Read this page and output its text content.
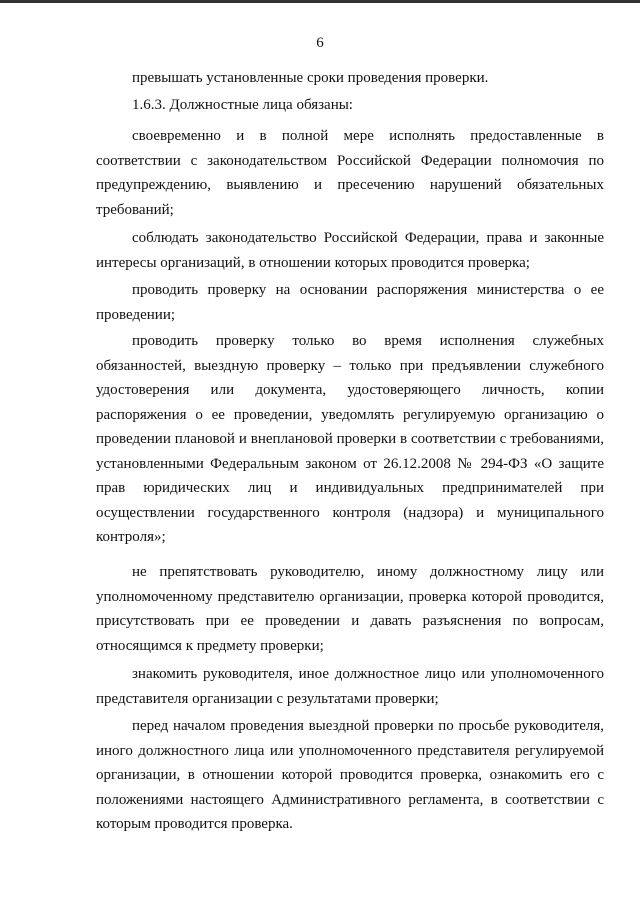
6
превышать установленные сроки проведения проверки.
1.6.3. Должностные лица обязаны:
своевременно и в полной мере исполнять предоставленные в
соответствии с законодательством Российской Федерации полномочия по
предупреждению, выявлению и пресечению нарушений обязательных
требований;
соблюдать законодательство Российской Федерации, права и законные
интересы организаций, в отношении которых проводится проверка;
проводить проверку на основании распоряжения министерства о ее
проведении;
проводить проверку только во время исполнения служебных
обязанностей, выездную проверку – только при предъявлении служебного
удостоверения или документа, удостоверяющего личность, копии
распоряжения о ее проведении, уведомлять регулируемую организацию о
проведении плановой и внеплановой проверки в соответствии с требованиями,
установленными Федеральным законом от 26.12.2008 № 294-ФЗ «О защите
прав юридических лиц и индивидуальных предпринимателей при
осуществлении государственного контроля (надзора) и муниципального
контроля»;
не препятствовать руководителю, иному должностному лицу или
уполномоченному представителю организации, проверка которой проводится,
присутствовать при ее проведении и давать разъяснения по вопросам,
относящимся к предмету проверки;
знакомить руководителя, иное должностное лицо или уполномоченного
представителя организации с результатами проверки;
перед началом проведения выездной проверки по просьбе руководителя,
иного должностного лица или уполномоченного представителя регулируемой
организации, в отношении которой проводится проверка, ознакомить его с
положениями настоящего Административного регламента, в соответствии с
которым проводится проверка.
